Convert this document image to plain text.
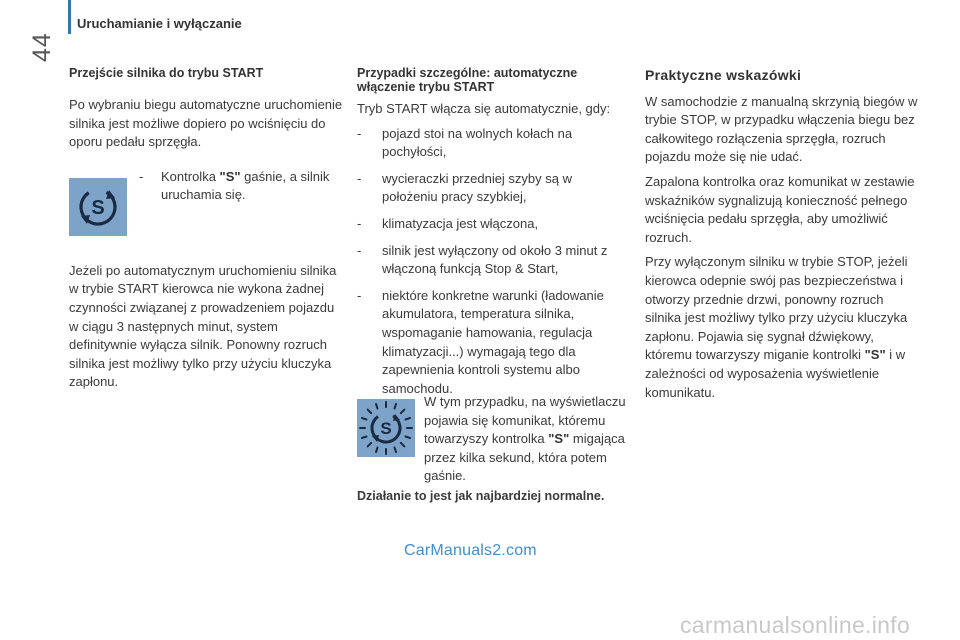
Uruchamianie i wyłączanie
44
Przejście silnika do trybu START

Po wybraniu biegu automatyczne uruchomienie silnika jest możliwe dopiero po wciśnięciu do oporu pedału sprzęgła.

S
- Kontrolka "S" gaśnie, a silnik uruchamia się.

Jeżeli po automatycznym uruchomieniu silnika w trybie START kierowca nie wykona żadnej czynności związanej z prowadzeniem pojazdu w ciągu 3 następnych minut, system definitywnie wyłącza silnik. Ponowny rozruch silnika jest możliwy tylko przy użyciu kluczyka zapłonu.

Przypadki szczególne: automatyczne włączenie trybu START

Tryb START włącza się automatycznie, gdy:

- pojazd stoi na wolnych kołach na pochyłości,
- wycieraczki przedniej szyby są w położeniu pracy szybkiej,
- klimatyzacja jest włączona,
- silnik jest wyłączony od około 3 minut z włączoną funkcją Stop & Start,
- niektóre konkretne warunki (ładowanie akumulatora, temperatura silnika, wspomaganie hamowania, regulacja klimatyzacji...) wymagają tego dla zapewnienia kontroli systemu albo samochodu.
S
W tym przypadku, na wyświetlaczu pojawia się komunikat, któremu towarzyszy kontrolka "S" migająca przez kilka sekund, która potem gaśnie.
Działanie to jest jak najbardziej normalne.
Praktyczne wskazówki

W samochodzie z manualną skrzynią biegów w trybie STOP, w przypadku włączenia biegu bez całkowitego rozłączenia sprzęgła, rozruch pojazdu może się nie udać.

Zapalona kontrolka oraz komunikat w zestawie wskaźników sygnalizują konieczność pełnego wciśnięcia pedału sprzęgła, aby umożliwić rozruch.

Przy wyłączonym silniku w trybie STOP, jeżeli kierowca odepnie swój pas bezpieczeństwa i otworzy przednie drzwi, ponowny rozruch silnika jest możliwy tylko przy użyciu kluczyka zapłonu. Pojawia się sygnał dźwiękowy, któremu towarzyszy miganie kontrolki "S" i w zależności od wyposażenia wyświetlenie komunikatu.

CarManuals2.com
carmanualsonline.info
